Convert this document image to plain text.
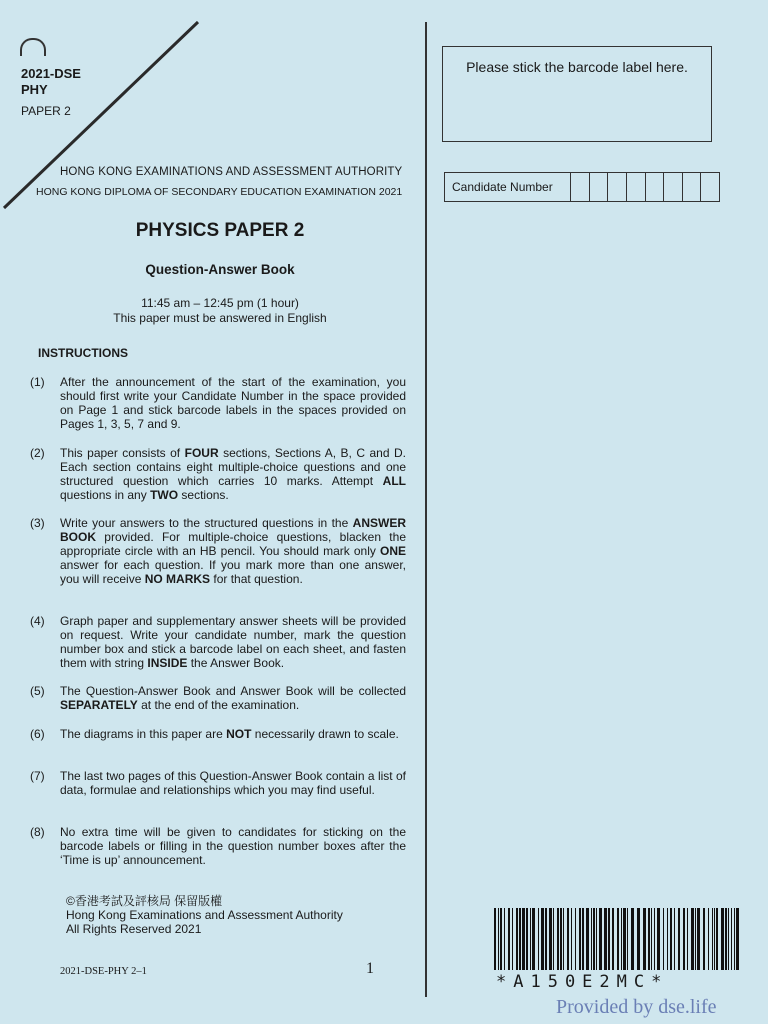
2021-DSE
PHY
PAPER 2
HONG KONG EXAMINATIONS AND ASSESSMENT AUTHORITY
HONG KONG DIPLOMA OF SECONDARY EDUCATION EXAMINATION 2021
PHYSICS PAPER 2
Question-Answer Book
11:45 am – 12:45 pm (1 hour)
This paper must be answered in English
INSTRUCTIONS
(1)	After the announcement of the start of the examination, you should first write your Candidate Number in the space provided on Page 1 and stick barcode labels in the spaces provided on Pages 1, 3, 5, 7 and 9.
(2)	This paper consists of FOUR sections, Sections A, B, C and D. Each section contains eight multiple-choice questions and one structured question which carries 10 marks. Attempt ALL questions in any TWO sections.
(3)	Write your answers to the structured questions in the ANSWER BOOK provided. For multiple-choice questions, blacken the appropriate circle with an HB pencil. You should mark only ONE answer for each question. If you mark more than one answer, you will receive NO MARKS for that question.
(4)	Graph paper and supplementary answer sheets will be provided on request. Write your candidate number, mark the question number box and stick a barcode label on each sheet, and fasten them with string INSIDE the Answer Book.
(5)	The Question-Answer Book and Answer Book will be collected SEPARATELY at the end of the examination.
(6)	The diagrams in this paper are NOT necessarily drawn to scale.
(7)	The last two pages of this Question-Answer Book contain a list of data, formulae and relationships which you may find useful.
(8)	No extra time will be given to candidates for sticking on the barcode labels or filling in the question number boxes after the ‘Time is up’ announcement.
©香港考試及評核局 保留版權
Hong Kong Examinations and Assessment Authority
All Rights Reserved 2021
2021-DSE-PHY 2–1	1
Please stick the barcode label here.
Candidate Number
*A150E2MC*
Provided by dse.life
